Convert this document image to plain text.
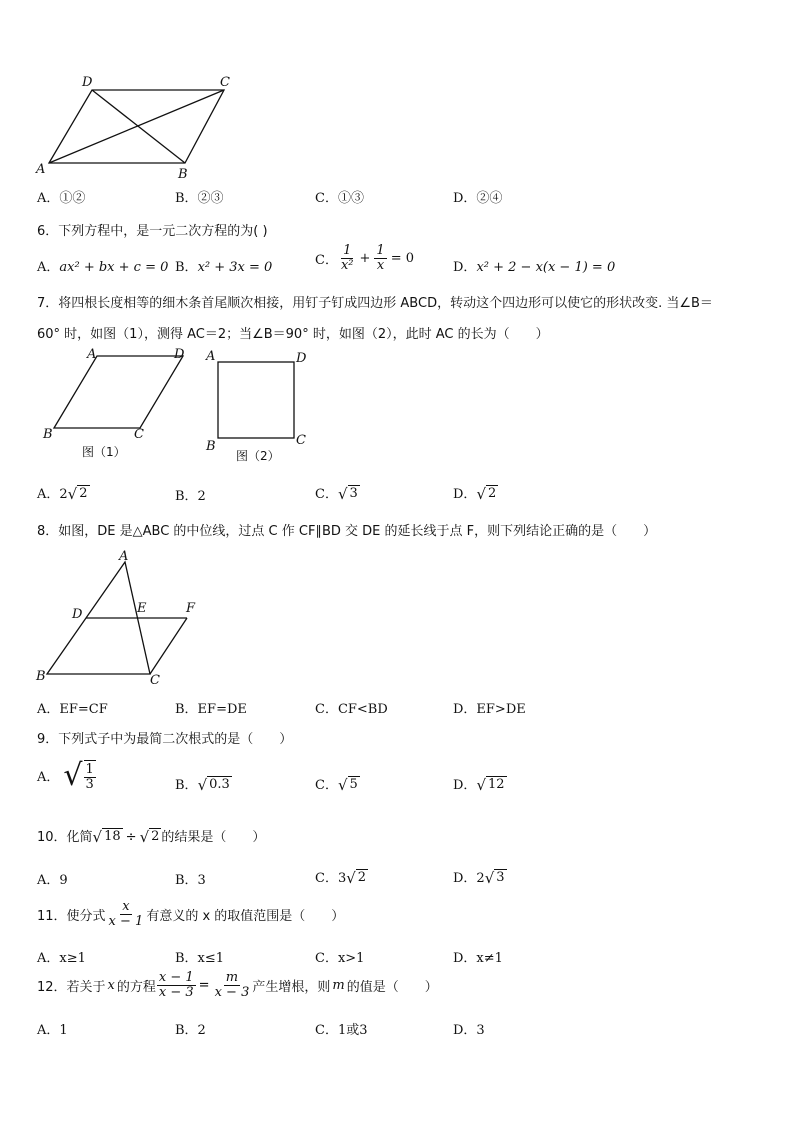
D	C
A	B
A．①②	B．②③	C．①③	D．②④
6．下列方程中，是一元二次方程的为( )
A．ax² + bx + c = 0 B．x² + 3x = 0	C． $\frac{1}{\text{x²}} + \frac{1}{x} = 0$
D．x² + 2 − x(x − 1) = 0
7．将四根长度相等的细木条首尾顺次相接，用钉子钉成四边形 ABCD，转动这个四边形可以使它的形状改变. 当∠B＝
60° 时，如图（1），测得 AC＝2；当∠B＝90° 时，如图（2），此时 AC 的长为（　　）
A	D
B	C
图（1）
A	D
B	C
图（2）
A． 2 √ 2	B．2	C． √ 3	D． √ 2
8．如图，DE 是△ABC 的中位线，过点 C 作 CF∥BD 交 DE 的延长线于点 F，则下列结论正确的是（　　）
A
D	E	F
B	C
A．EF=CF	B．EF=DE	C．CF<BD	D．EF>DE
9．下列式子中为最简二次根式的是（　　）
A． √ $\frac{1}{3}$	B． √ 0.3	C． √ 5	D． √ 12
10．化简 √ 18 ÷ √ 2 的结果是（　　）
A．9	B．3	C．3 √ 2	D．2 √ 3
11．使分式 $\frac{x}{x - 1}$ 有意义的 x 的取值范围是（　　）
A．x≥1	B．x≤1	C．x>1	D．x≠1
12．若关于 x 的方程 $\frac{x - 1}{x - 3} = \frac{m}{x - 3}$ 产生增根，则 m 的值是（　　）
A．1	B．2	C．1或3	D．3
